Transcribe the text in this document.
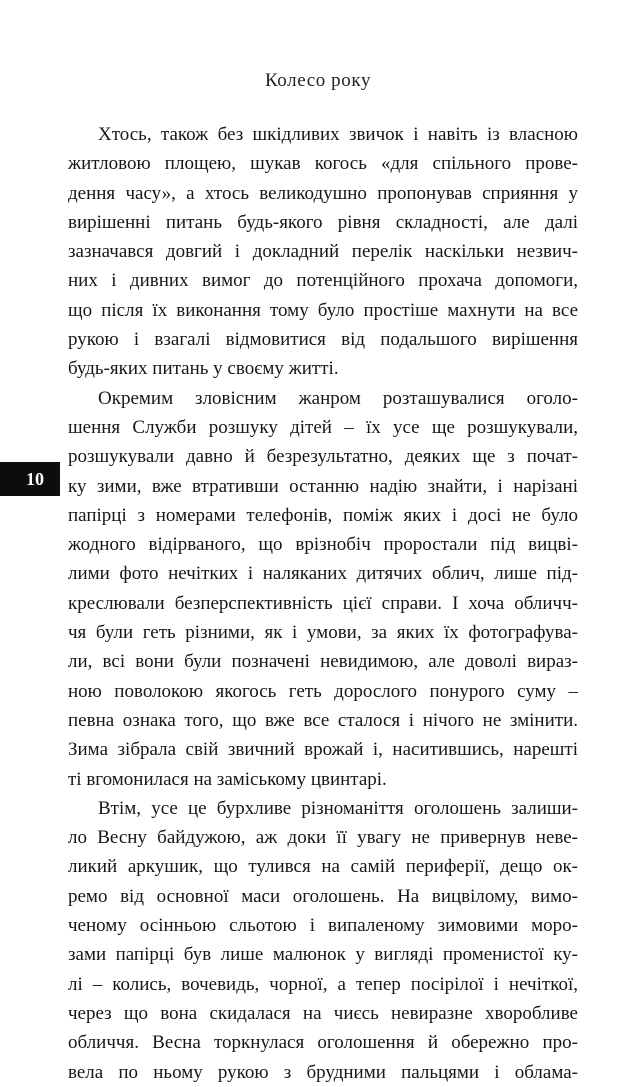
Колесо року
10
Хтось, також без шкідливих звичок і навіть із власною
житловою площею, шукав когось «для спільного прове-
дення часу», а хтось великодушно пропонував сприяння у
вирішенні питань будь-якого рівня складності, але далі
зазначався довгий і докладний перелік наскільки незвич-
них і дивних вимог до потенційного прохача допомоги,
що після їх виконання тому було простіше махнути на все
рукою і взагалі відмовитися від подальшого вирішення
будь-яких питань у своєму житті.
Окремим зловісним жанром розташувалися оголо-
шення Служби розшуку дітей – їх усе ще розшукували,
розшукували давно й безрезультатно, деяких ще з почат-
ку зими, вже втративши останню надію знайти, і нарізані
папірці з номерами телефонів, поміж яких і досі не було
жодного відірваного, що врізнобіч проростали під вицві-
лими фото нечітких і наляканих дитячих облич, лише під-
креслювали безперспективність цієї справи. І хоча обличч-
чя були геть різними, як і умови, за яких їх фотографува-
ли, всі вони були позначені невидимою, але доволі вираз-
ною поволокою якогось геть дорослого понурого суму –
певна ознака того, що вже все сталося і нічого не змінити.
Зима зібрала свій звичний врожай і, наситившись, нарешті
ті вгомонилася на заміському цвинтарі.
Втім, усе це бурхливе різноманіття оголошень залиши-
ло Весну байдужою, аж доки її увагу не привернув неве-
ликий аркушик, що тулився на самій периферії, дещо ок-
ремо від основної маси оголошень. На вицвілому, вимо-
ченому осінньою сльотою і випаленому зимовими моро-
зами папірці був лише малюнок у вигляді променистої ку-
лі – колись, вочевидь, чорної, а тепер посірілої і нечіткої,
через що вона скидалася на чиєсь невиразне хворобливе
обличчя. Весна торкнулася оголошення й обережно про-
вела по ньому рукою з брудними пальцями і облама-
